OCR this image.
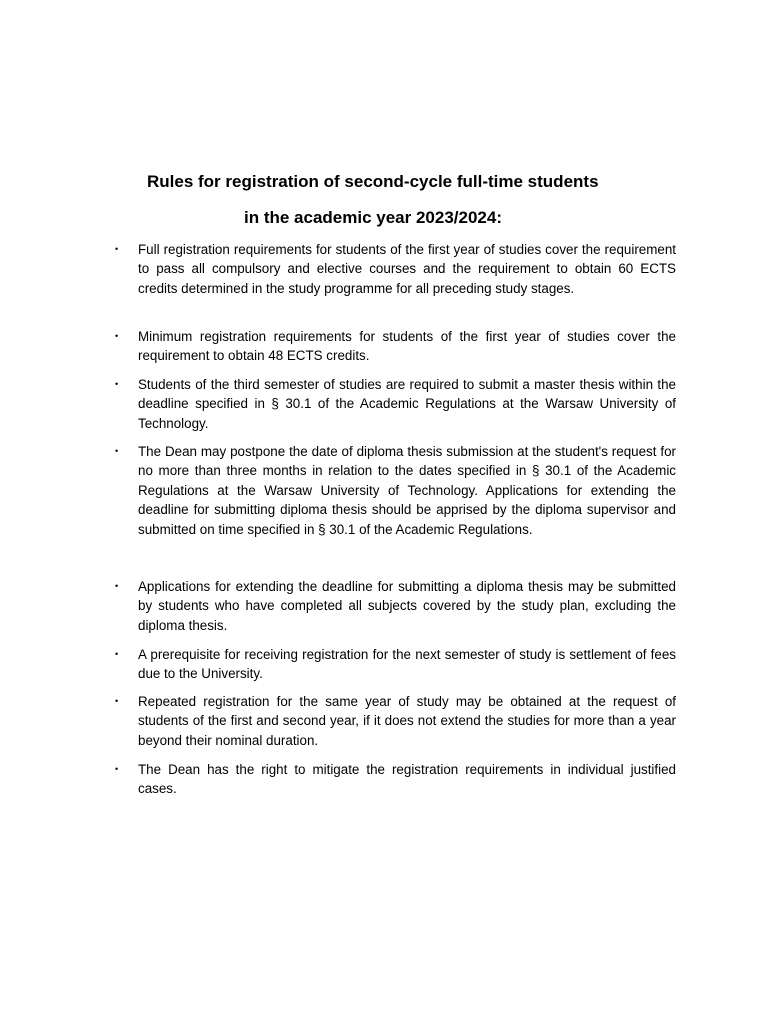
Rules for registration of second-cycle full-time students
in the academic year 2023/2024:
• Full registration requirements for students of the first year of studies cover the requirement to pass all compulsory and elective courses and the requirement to obtain 60 ECTS credits determined in the study programme for all preceding study stages.

• Minimum registration requirements for students of the first year of studies cover the requirement to obtain 48 ECTS credits.

• Students of the third semester of studies are required to submit a master thesis within the deadline specified in § 30.1 of the Academic Regulations at the Warsaw University of Technology.

• The Dean may postpone the date of diploma thesis submission at the student's request for no more than three months in relation to the dates specified in § 30.1 of the Academic Regulations at the Warsaw University of Technology. Applications for extending the deadline for submitting diploma thesis should be apprised by the diploma supervisor and submitted on time specified in § 30.1 of the Academic Regulations.

• Applications for extending the deadline for submitting a diploma thesis may be submitted by students who have completed all subjects covered by the study plan, excluding the diploma thesis.

• A prerequisite for receiving registration for the next semester of study is settlement of fees due to the University.

• Repeated registration for the same year of study may be obtained at the request of students of the first and second year, if it does not extend the studies for more than a year beyond their nominal duration.

• The Dean has the right to mitigate the registration requirements in individual justified cases.
